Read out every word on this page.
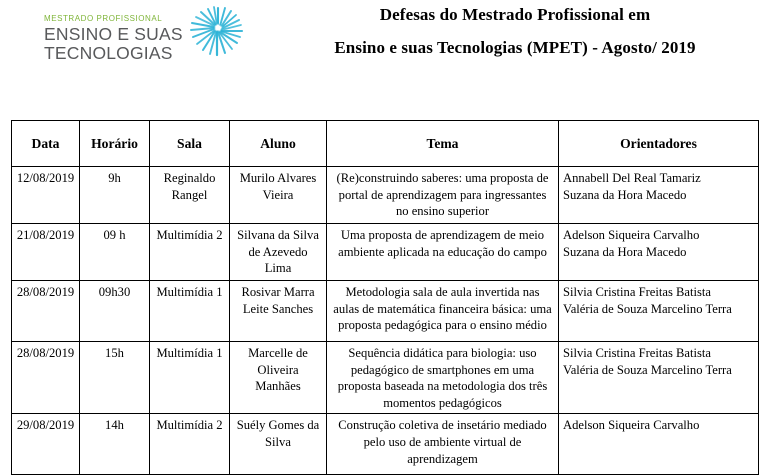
MESTRADO PROFISSIONAL
ENSINO E SUAS
TECNOLOGIAS
Defesas do Mestrado Profissional em
Ensino e suas Tecnologias (MPET) - Agosto/ 2019
Data	Horário	Sala	Aluno	Tema	Orientadores
12/08/2019	9h	Reginaldo Rangel	Murilo Alvares Vieira	(Re)construindo saberes: uma proposta de portal de aprendizagem para ingressantes no ensino superior	Annabell Del Real Tamariz
Suzana da Hora Macedo

21/08/2019	09 h	Multimídia 2	Silvana da Silva de Azevedo Lima	Uma proposta de aprendizagem de meio ambiente aplicada na educação do campo	Adelson Siqueira Carvalho
Suzana da Hora Macedo

28/08/2019	09h30	Multimídia 1	Rosivar Marra Leite Sanches	Metodologia sala de aula invertida nas aulas de matemática financeira básica: uma proposta pedagógica para o ensino médio	Silvia Cristina Freitas Batista
Valéria de Souza Marcelino Terra

28/08/2019	15h	Multimídia 1	Marcelle de Oliveira Manhães	Sequência didática para biologia: uso pedagógico de smartphones em uma proposta baseada na metodologia dos três momentos pedagógicos	Silvia Cristina Freitas Batista
Valéria de Souza Marcelino Terra

29/08/2019	14h	Multimídia 2	Suély Gomes da Silva	Construção coletiva de insetário mediado pelo uso de ambiente virtual de aprendizagem	Adelson Siqueira Carvalho
